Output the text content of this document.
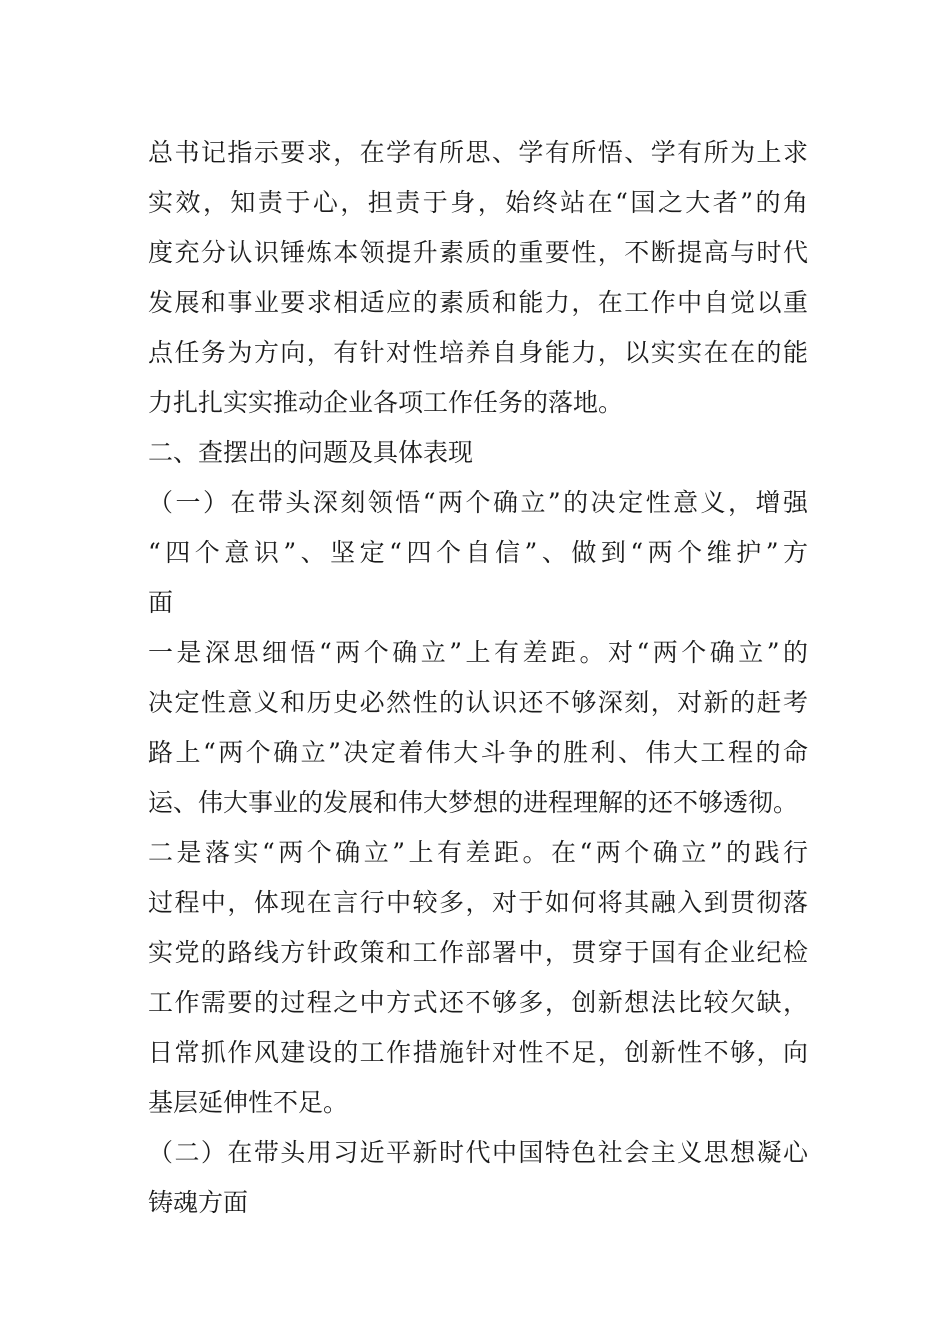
总书记指示要求，在学有所思、学有所悟、学有所为上求
实效，知责于心，担责于身，始终站在“国之大者”的角
度充分认识锤炼本领提升素质的重要性，不断提高与时代
发展和事业要求相适应的素质和能力，在工作中自觉以重
点任务为方向，有针对性培养自身能力，以实实在在的能
力扎扎实实推动企业各项工作任务的落地。
二、查摆出的问题及具体表现
（一）在带头深刻领悟“两个确立”的决定性意义，增强
“四个意识”、坚定“四个自信”、做到“两个维护”方
面
一是深思细悟“两个确立”上有差距。对“两个确立”的
决定性意义和历史必然性的认识还不够深刻，对新的赶考
路上“两个确立”决定着伟大斗争的胜利、伟大工程的命
运、伟大事业的发展和伟大梦想的进程理解的还不够透彻。
二是落实“两个确立”上有差距。在“两个确立”的践行
过程中，体现在言行中较多，对于如何将其融入到贯彻落
实党的路线方针政策和工作部署中，贯穿于国有企业纪检
工作需要的过程之中方式还不够多，创新想法比较欠缺，
日常抓作风建设的工作措施针对性不足，创新性不够，向
基层延伸性不足。
（二）在带头用习近平新时代中国特色社会主义思想凝心
铸魂方面
